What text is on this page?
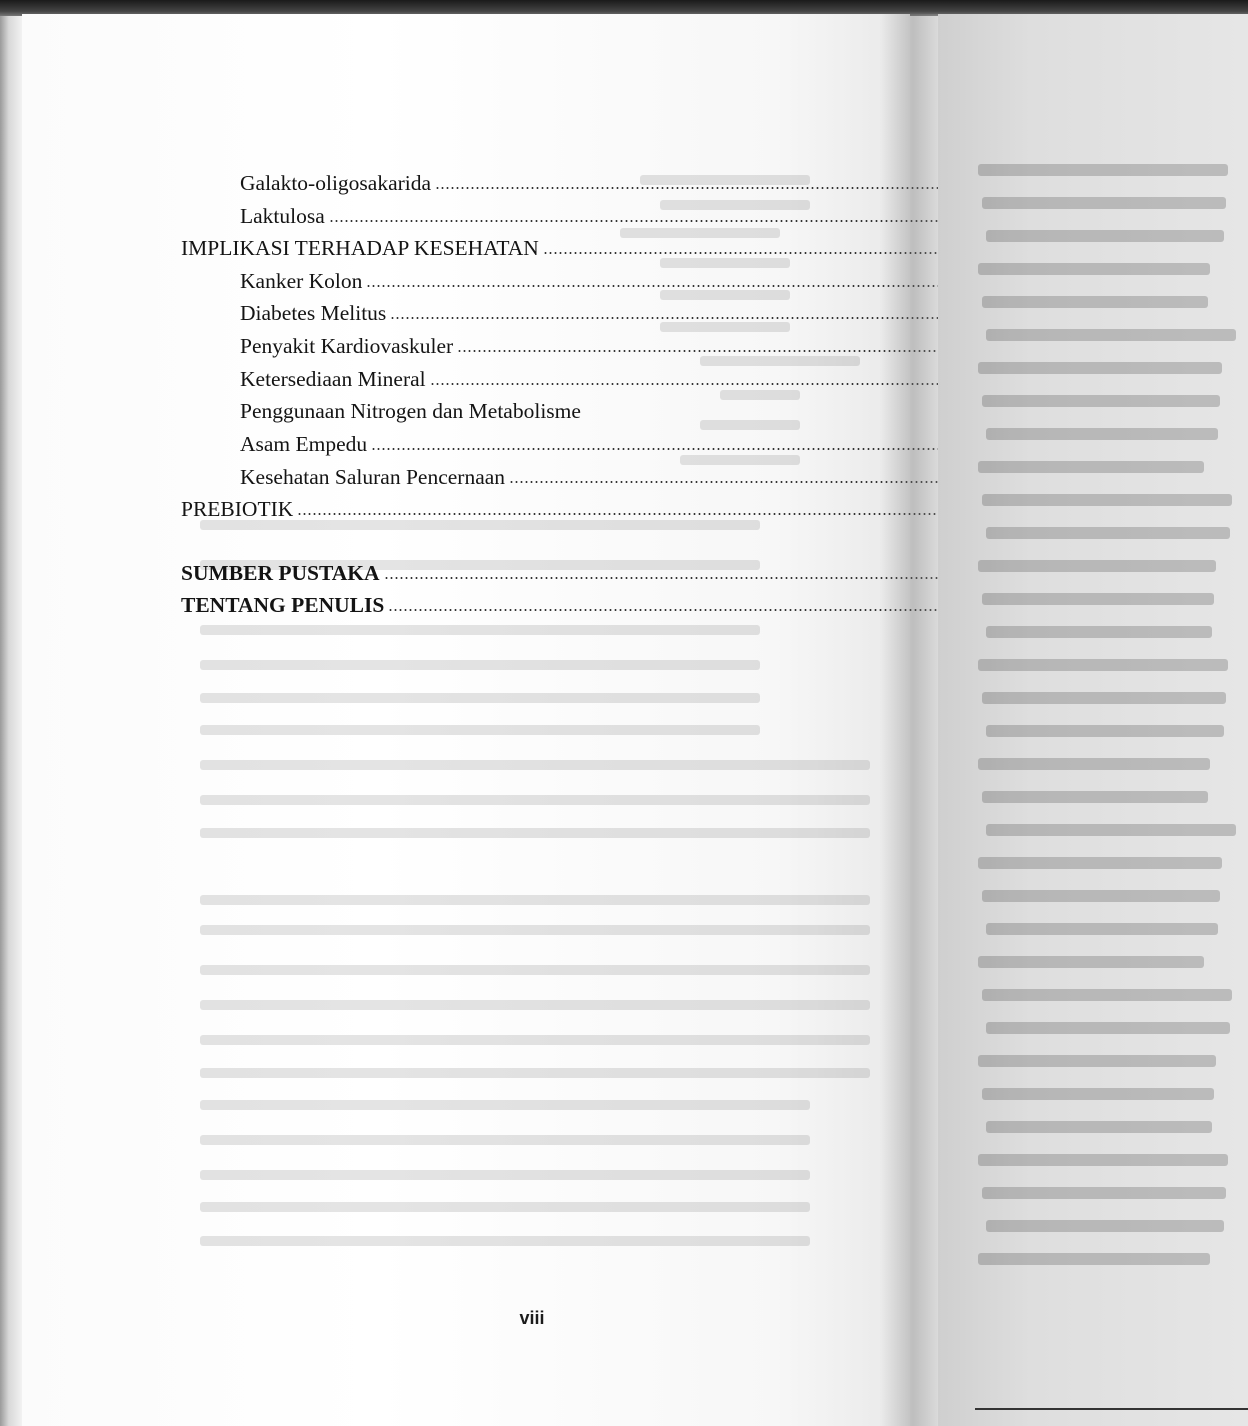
Galakto-oligosakarida
Laktulosa
IMPLIKASI TERHADAP KESEHATAN
Kanker Kolon
Diabetes Melitus
Penyakit Kardiovaskuler
Ketersediaan Mineral
Penggunaan Nitrogen dan Metabolisme
Asam Empedu
Kesehatan Saluran Pencernaan
PREBIOTIK
SUMBER PUSTAKA
TENTANG PENULIS
viii
